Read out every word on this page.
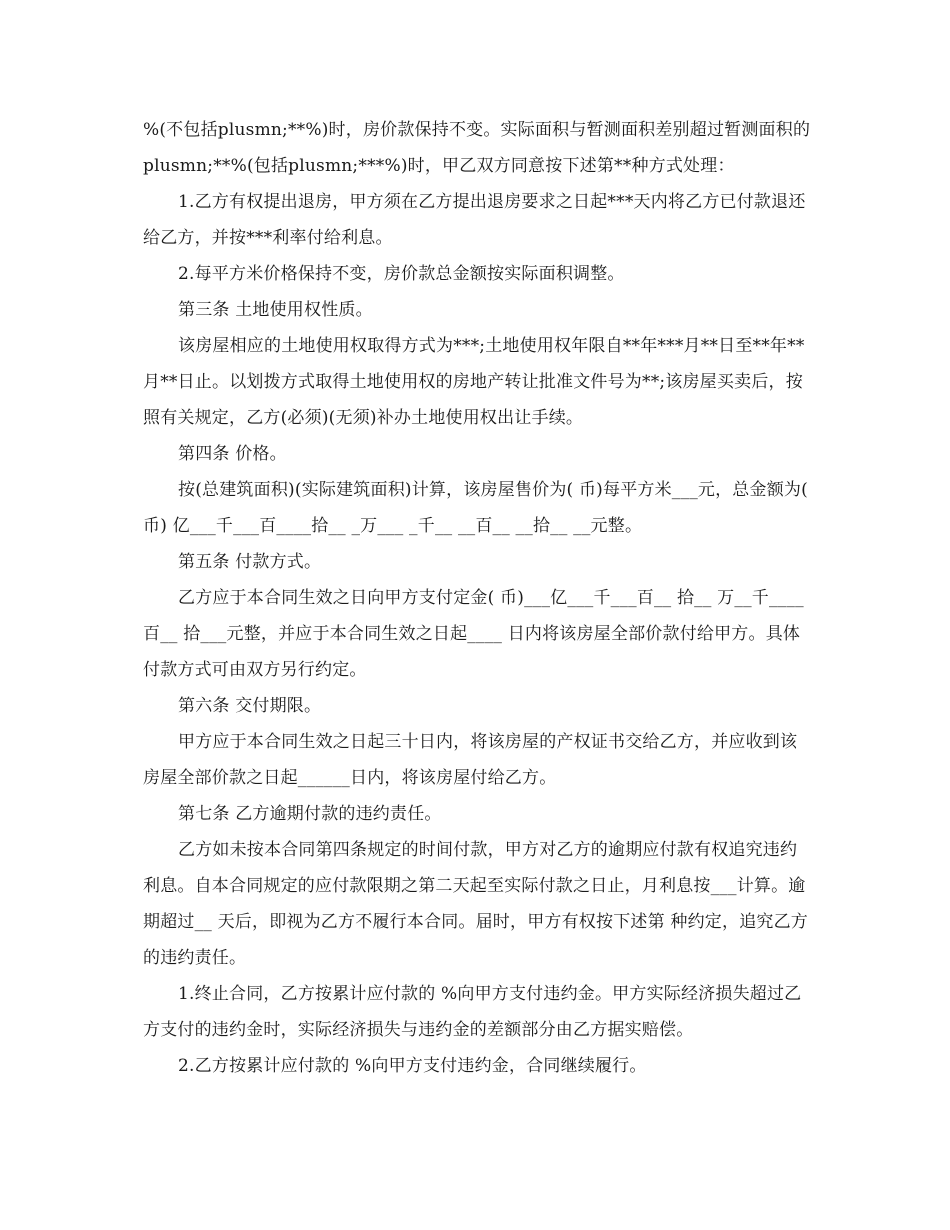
%(不包括plusmn;**%)时，房价款保持不变。实际面积与暂测面积差别超过暂测面积的plusmn;**%(包括plusmn;***%)时，甲乙双方同意按下述第**种方式处理：

1.乙方有权提出退房，甲方须在乙方提出退房要求之日起***天内将乙方已付款退还给乙方，并按***利率付给利息。

2.每平方米价格保持不变，房价款总金额按实际面积调整。

第三条 土地使用权性质。

该房屋相应的土地使用权取得方式为***;土地使用权年限自**年***月**日至**年**月**日止。以划拨方式取得土地使用权的房地产转让批准文件号为**;该房屋买卖后，按照有关规定，乙方(必须)(无须)补办土地使用权出让手续。

第四条 价格。

按(总建筑面积)(实际建筑面积)计算，该房屋售价为( 币)每平方米___元，总金额为( 币) 亿___千___百____拾__ _万___ _千__ __百__ __拾__ __元整。

第五条 付款方式。

乙方应于本合同生效之日向甲方支付定金( 币)___亿___千___百__ 拾__ 万__千____百__ 拾___元整，并应于本合同生效之日起____ 日内将该房屋全部价款付给甲方。具体付款方式可由双方另行约定。

第六条 交付期限。

甲方应于本合同生效之日起三十日内，将该房屋的产权证书交给乙方，并应收到该房屋全部价款之日起______日内，将该房屋付给乙方。

第七条 乙方逾期付款的违约责任。

乙方如未按本合同第四条规定的时间付款，甲方对乙方的逾期应付款有权追究违约利息。自本合同规定的应付款限期之第二天起至实际付款之日止，月利息按___计算。逾期超过__ 天后，即视为乙方不履行本合同。届时，甲方有权按下述第 种约定，追究乙方的违约责任。

1.终止合同，乙方按累计应付款的 %向甲方支付违约金。甲方实际经济损失超过乙方支付的违约金时，实际经济损失与违约金的差额部分由乙方据实赔偿。

2.乙方按累计应付款的 %向甲方支付违约金，合同继续履行。
